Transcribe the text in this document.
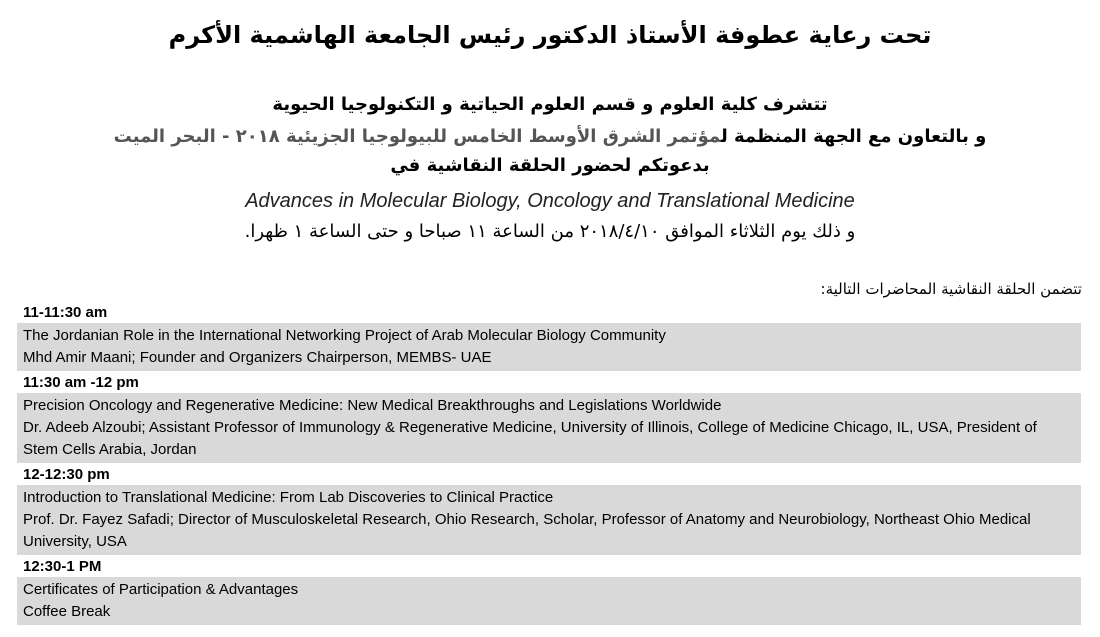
تحت رعاية عطوفة الأستاذ الدكتور رئيس الجامعة الهاشمية الأكرم
تتشرف كلية العلوم و قسم العلوم الحياتية و التكنولوجيا الحيوية
و بالتعاون مع الجهة المنظمة لمؤتمر الشرق الأوسط الخامس للبيولوجيا الجزيئية ٢٠١٨ - البحر الميت
بدعوتكم لحضور الحلقة النقاشية في
Advances in Molecular Biology, Oncology and Translational Medicine
و ذلك يوم الثلاثاء الموافق ٢٠١٨/٤/١٠ من الساعة ١١ صباحا و حتى الساعة ١ ظهرا.
تتضمن الحلقة النقاشية المحاضرات التالية:
11-11:30 am
The Jordanian Role in the International Networking Project of Arab Molecular Biology Community
Mhd Amir Maani; Founder and Organizers Chairperson, MEMBS- UAE
11:30 am -12 pm
Precision Oncology and Regenerative Medicine: New Medical Breakthroughs and Legislations Worldwide
Dr. Adeeb Alzoubi; Assistant Professor of Immunology & Regenerative Medicine, University of Illinois, College of Medicine Chicago, IL, USA, President of Stem Cells Arabia, Jordan
12-12:30 pm
Introduction to Translational Medicine: From Lab Discoveries to Clinical Practice
Prof. Dr. Fayez Safadi; Director of Musculoskeletal Research, Ohio Research, Scholar, Professor of Anatomy and Neurobiology, Northeast Ohio Medical University, USA
12:30-1 PM
Certificates of Participation & Advantages
Coffee Break
